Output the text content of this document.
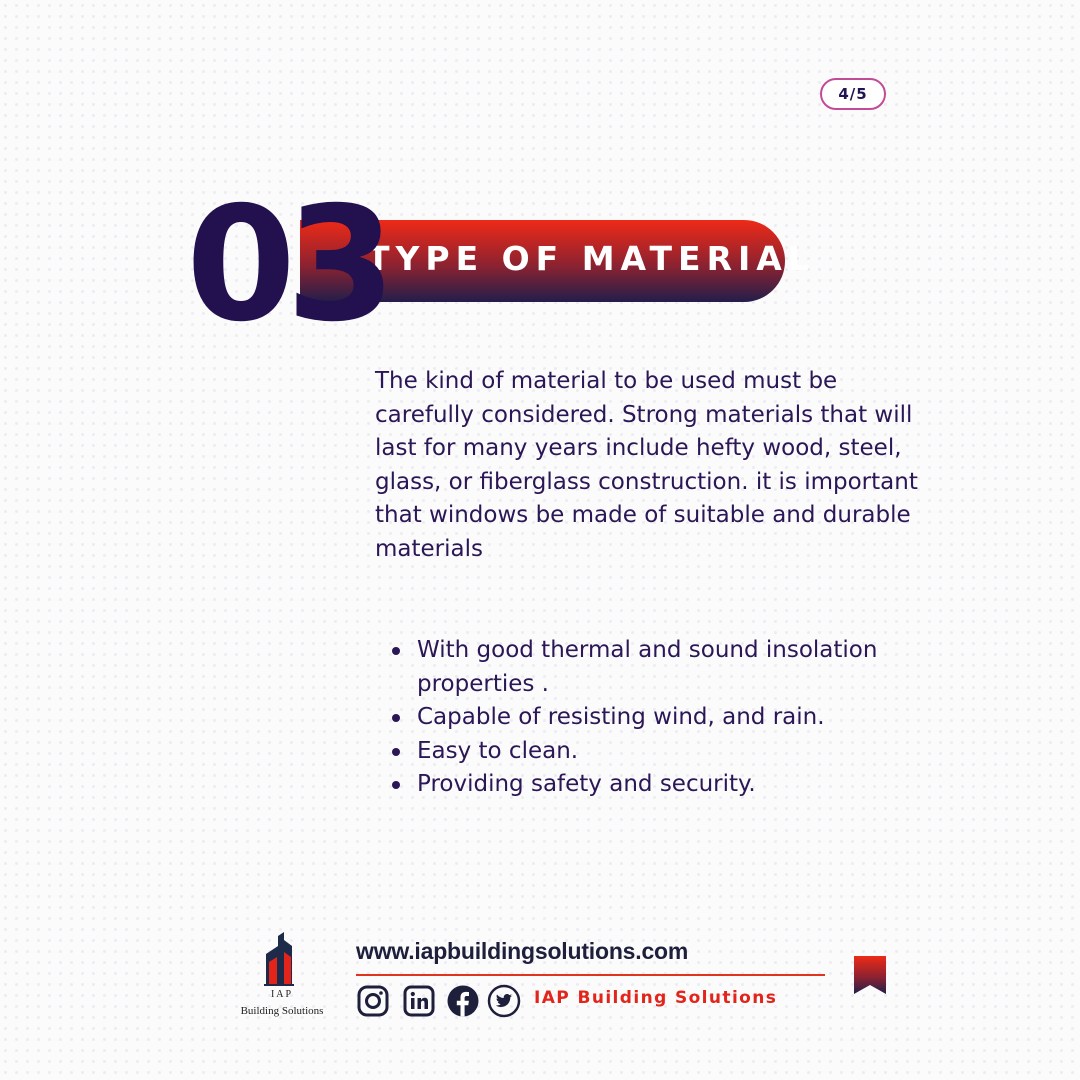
4/5
TYPE OF MATERIAL
03

The kind of material to be used must be carefully considered. Strong materials that will last for many years include hefty wood, steel, glass, or fiberglass construction. it is important that windows be made of suitable and durable materials

With good thermal and sound insolation properties .
Capable of resisting wind, and rain.
Easy to clean.
Providing safety and security.
IAP
Building Solutions
www.iapbuildingsolutions.com
IAP Building Solutions
